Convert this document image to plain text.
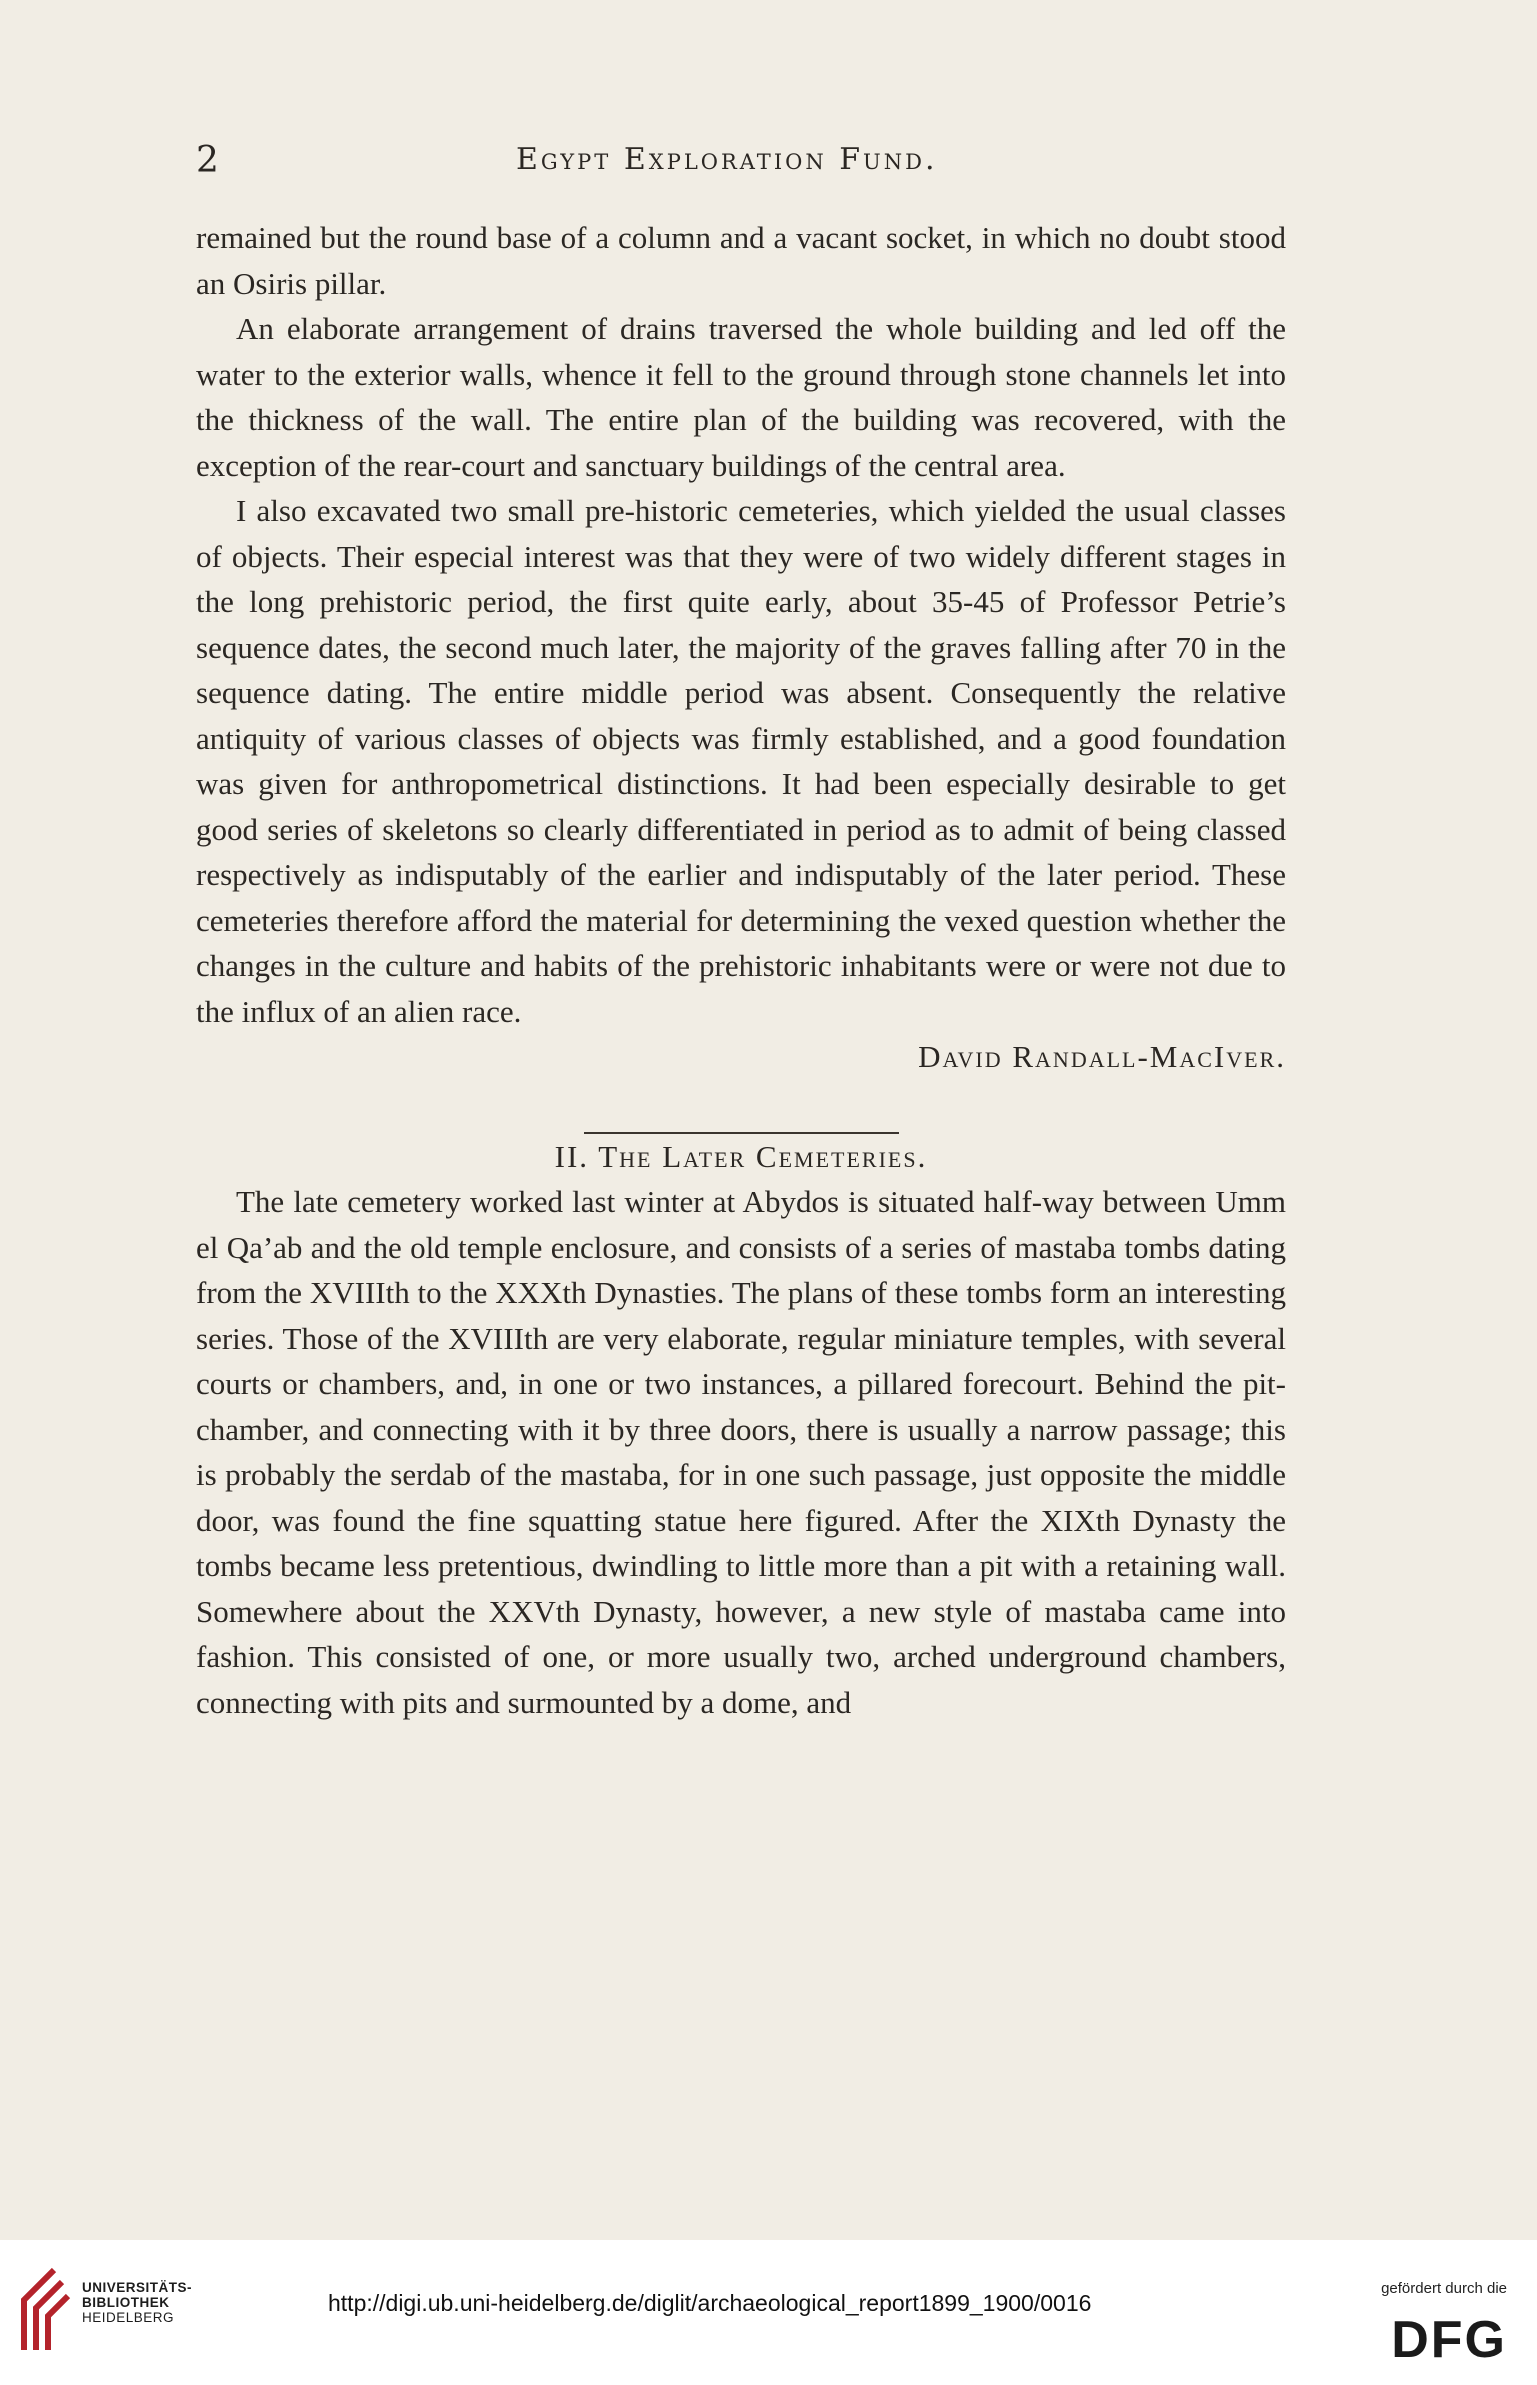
2	Egypt Exploration Fund.

remained but the round base of a column and a vacant socket, in which no doubt stood an Osiris pillar.

An elaborate arrangement of drains traversed the whole building and led off the water to the exterior walls, whence it fell to the ground through stone channels let into the thickness of the wall. The entire plan of the building was recovered, with the exception of the rear-court and sanctuary buildings of the central area.

I also excavated two small pre-historic cemeteries, which yielded the usual classes of objects. Their especial interest was that they were of two widely different stages in the long prehistoric period, the first quite early, about 35-45 of Professor Petrie’s sequence dates, the second much later, the majority of the graves falling after 70 in the sequence dating. The entire middle period was absent. Consequently the relative antiquity of various classes of objects was firmly established, and a good foundation was given for anthropometrical distinctions. It had been especially desirable to get good series of skeletons so clearly differentiated in period as to admit of being classed respectively as indisputably of the earlier and indisputably of the later period. These cemeteries therefore afford the material for determining the vexed question whether the changes in the culture and habits of the prehistoric inhabitants were or were not due to the influx of an alien race.

David Randall-MacIver.

II. The Later Cemeteries.

The late cemetery worked last winter at Abydos is situated half-way between Umm el Qa’ab and the old temple enclosure, and consists of a series of mastaba tombs dating from the XVIIIth to the XXXth Dynasties. The plans of these tombs form an interesting series. Those of the XVIIIth are very elaborate, regular miniature temples, with several courts or chambers, and, in one or two instances, a pillared forecourt. Behind the pit-chamber, and connecting with it by three doors, there is usually a narrow passage; this is probably the serdab of the mastaba, for in one such passage, just opposite the middle door, was found the fine squatting statue here figured. After the XIXth Dynasty the tombs became less pretentious, dwindling to little more than a pit with a retaining wall. Somewhere about the XXVth Dynasty, however, a new style of mastaba came into fashion. This consisted of one, or more usually two, arched underground chambers, connecting with pits and surmounted by a dome, and

UNIVERSITÄTS-
BIBLIOTHEK
HEIDELBERG
http://digi.ub.uni-heidelberg.de/diglit/archaeological_report1899_1900/0016
gefördert durch die
DFG
